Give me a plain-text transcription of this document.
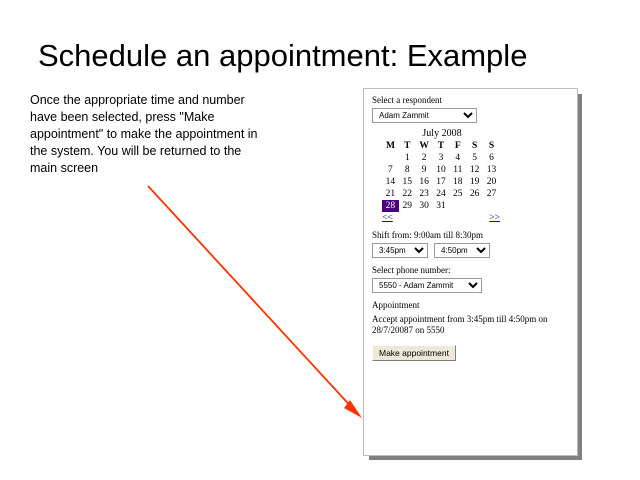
Schedule an appointment: Example
Once the appropriate time and number have been selected, press "Make appointment" to make the appointment in the system. You will be returned to the main screen
Select a respondent
Adam Zammit
July 2008
M	T	W	T	F	S	S
	1	2	3	4	5	6
7	8	9	10	11	12	13
14	15	16	17	18	19	20
21	22	23	24	25	26	27
28	29	30	31			
<<	>>
Shift from: 9:00am till 8:30pm
3:45pm
4:50pm
Select phone number:
5550 - Adam Zammit
Appointment
Accept appointment from 3:45pm till 4:50pm on 28/7/20087 on 5550
Make appointment
